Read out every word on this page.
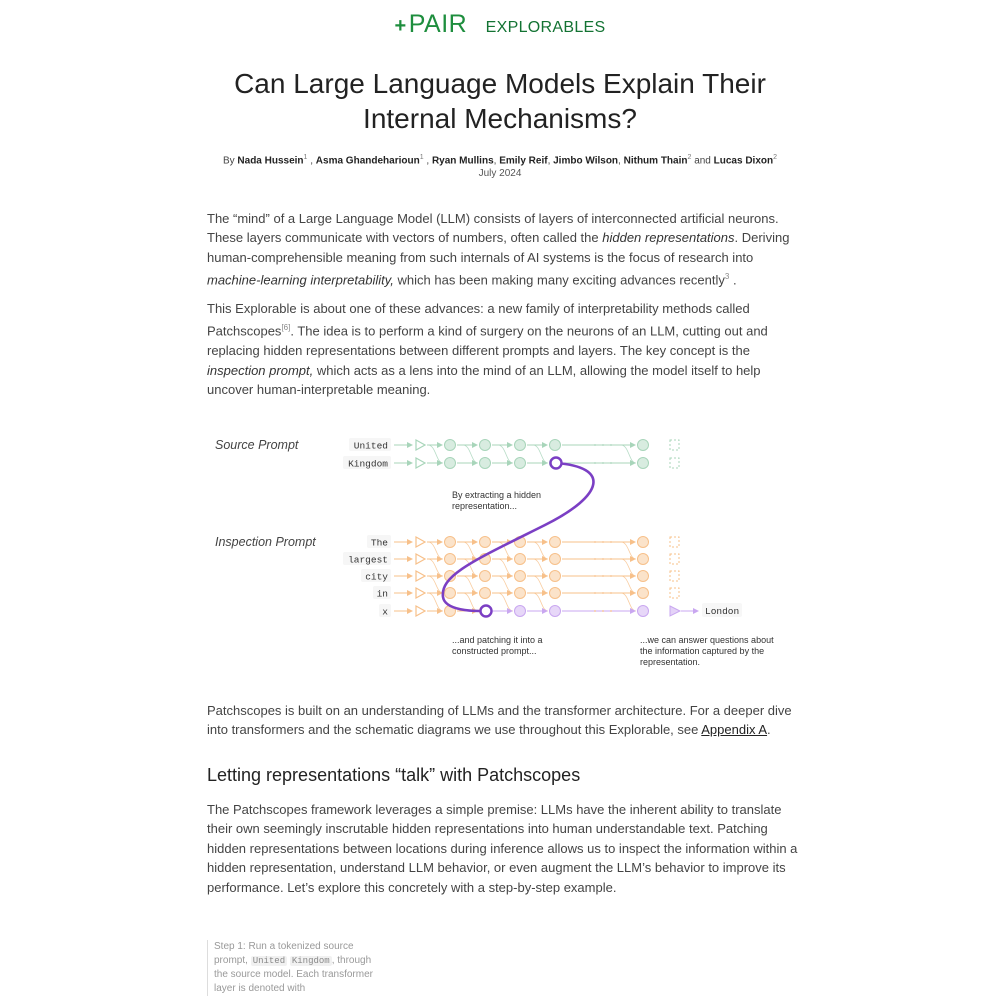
+PAIR EXPLORABLES
Can Large Language Models Explain Their Internal Mechanisms?
By Nada Hussein$^1$ , Asma Ghandeharioun$^1$ , Ryan Mullins, Emily Reif, Jimbo Wilson, Nithum Thain$^2$ and Lucas Dixon$^2$
July 2024

The “mind” of a Large Language Model (LLM) consists of layers of interconnected artificial neurons. These layers communicate with vectors of numbers, often called the hidden representations. Deriving human-comprehensible meaning from such internals of AI systems is the focus of research into machine-learning interpretability, which has been making many exciting advances recently$^3$ .

This Explorable is about one of these advances: a new family of interpretability methods called Patchscopes[6]. The idea is to perform a kind of surgery on the neurons of an LLM, cutting out and replacing hidden representations between different prompts and layers. The key concept is the inspection prompt, which acts as a lens into the mind of an LLM, allowing the model itself to help uncover human-interpretable meaning.

Source Prompt
Inspection Prompt
United
Kingdom
The
largest
city
in
x	London
By extracting a hidden representation...
...and patching it into a constructed prompt...
...we can answer questions about the information captured by the representation.

Patchscopes is built on an understanding of LLMs and the transformer architecture. For a deeper dive into transformers and the schematic diagrams we use throughout this Explorable, see Appendix A.

Letting representations “talk” with Patchscopes

The Patchscopes framework leverages a simple premise: LLMs have the inherent ability to translate their own seemingly inscrutable hidden representations into human understandable text. Patching hidden representations between locations during inference allows us to inspect the information within a hidden representation, understand LLM behavior, or even augment the LLM’s behavior to improve its performance. Let’s explore this concretely with a step-by-step example.

Step 1: Run a tokenized source prompt, United Kingdom , through the source model. Each transformer layer is denoted with
